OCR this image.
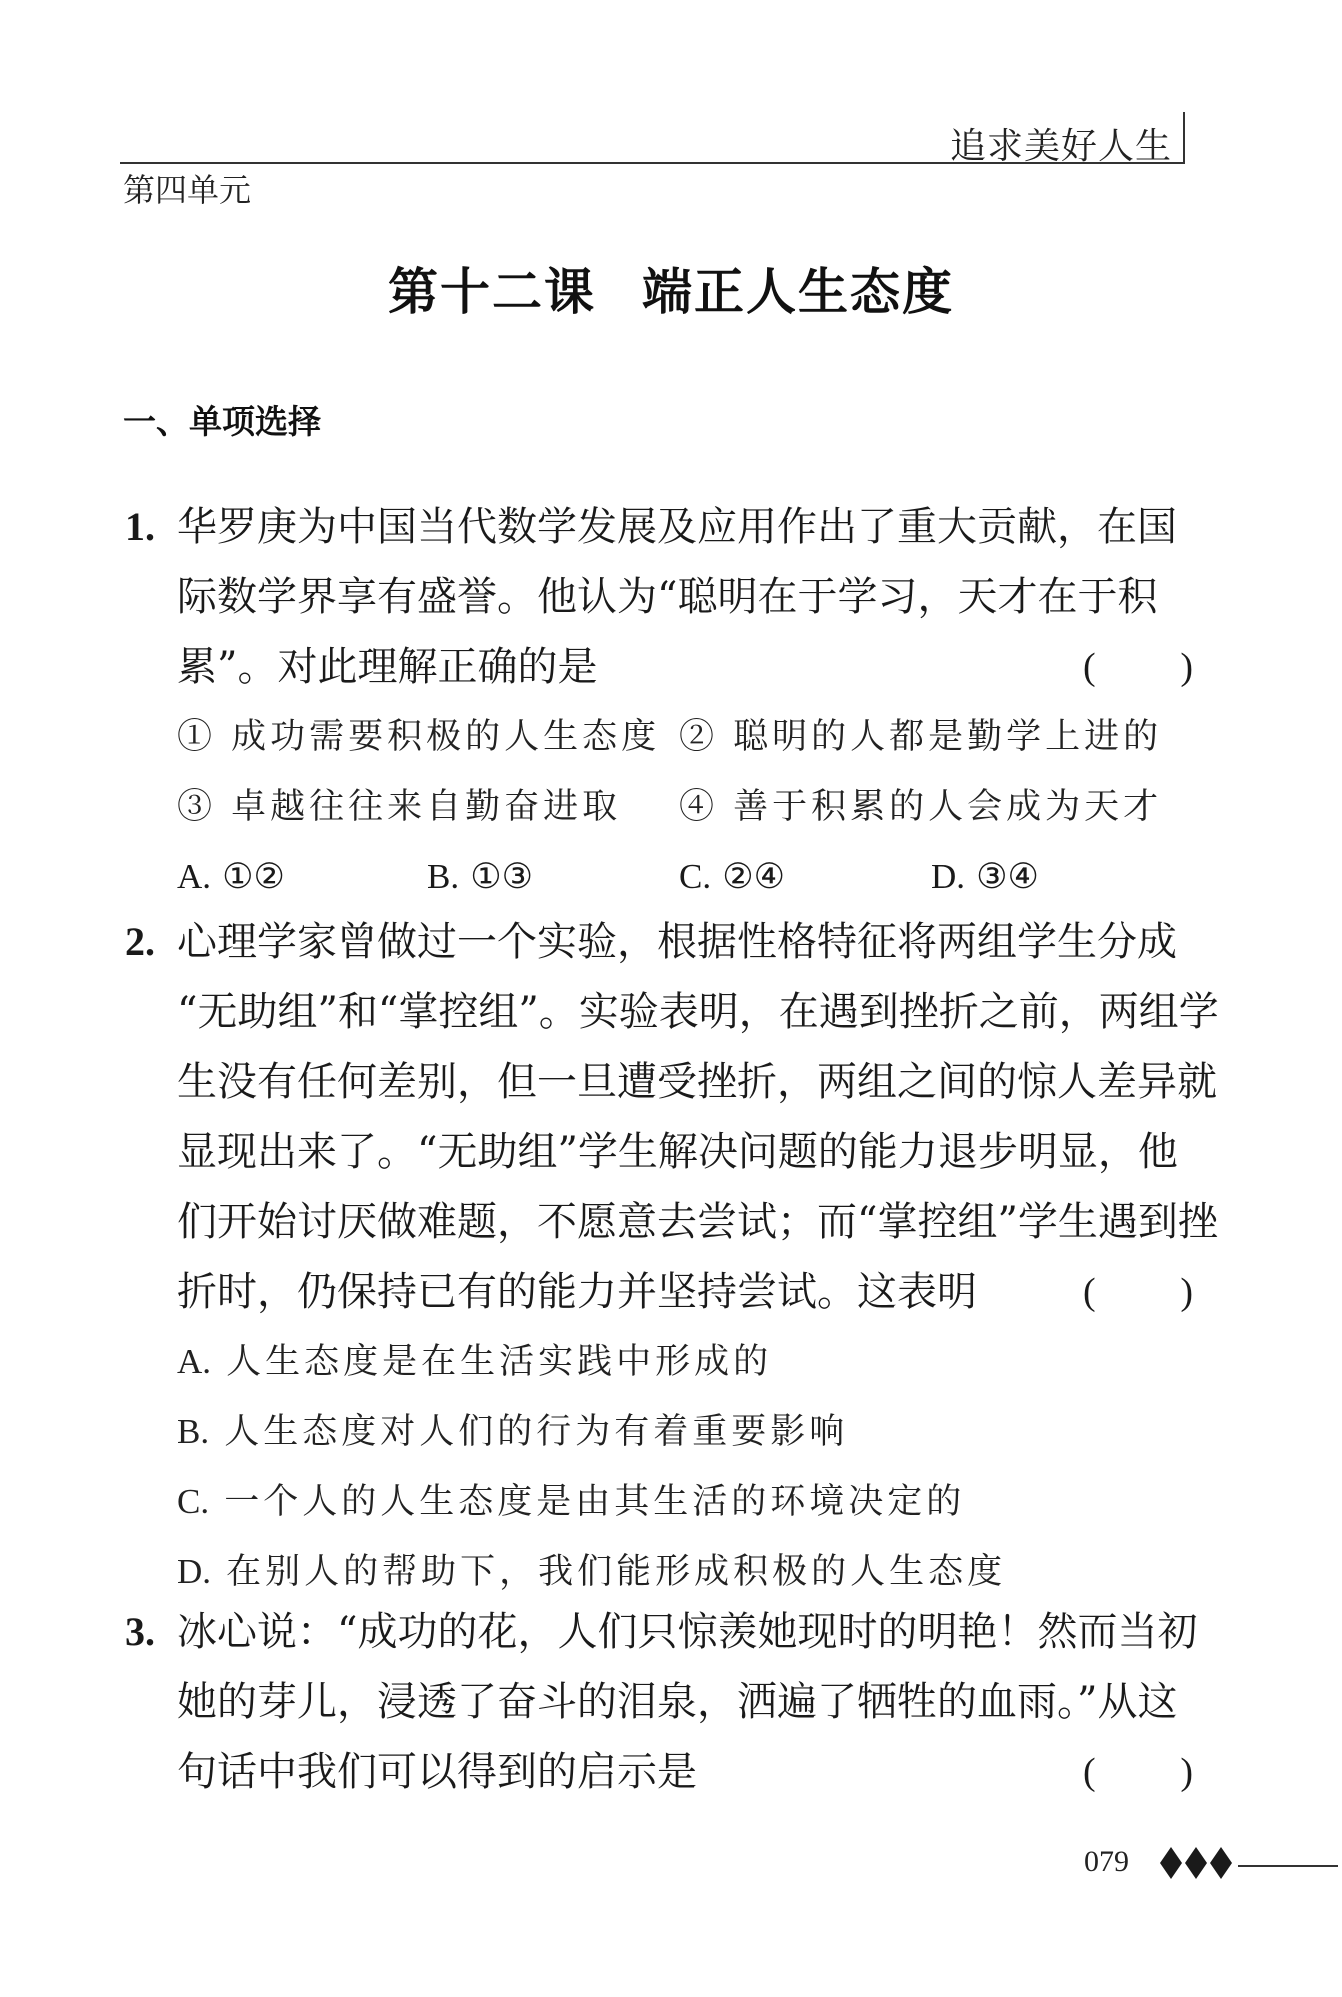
追求美好人生
第四单元
第十二课 端正人生态度
一、单项选择
1. 华罗庚为中国当代数学发展及应用作出了重大贡献，在国
际数学界享有盛誉。他认为“聪明在于学习，天才在于积
累”。对此理解正确的是	( )
① 成功需要积极的人生态度 ② 聪明的人都是勤学上进的
③ 卓越往往来自勤奋进取 ④ 善于积累的人会成为天才
A. ①②	B. ①③	C. ②④	D. ③④
2. 心理学家曾做过一个实验，根据性格特征将两组学生分成
“无助组”和“掌控组”。实验表明，在遇到挫折之前，两组学
生没有任何差别，但一旦遭受挫折，两组之间的惊人差异就
显现出来了。“无助组”学生解决问题的能力退步明显，他
们开始讨厌做难题，不愿意去尝试；而“掌控组”学生遇到挫
折时，仍保持已有的能力并坚持尝试。这表明	( )
A. 人生态度是在生活实践中形成的
B. 人生态度对人们的行为有着重要影响
C. 一个人的人生态度是由其生活的环境决定的
D. 在别人的帮助下，我们能形成积极的人生态度
3. 冰心说：“成功的花，人们只惊羡她现时的明艳！然而当初
她的芽儿，浸透了奋斗的泪泉，洒遍了牺牲的血雨。”从这
句话中我们可以得到的启示是	( )
079
